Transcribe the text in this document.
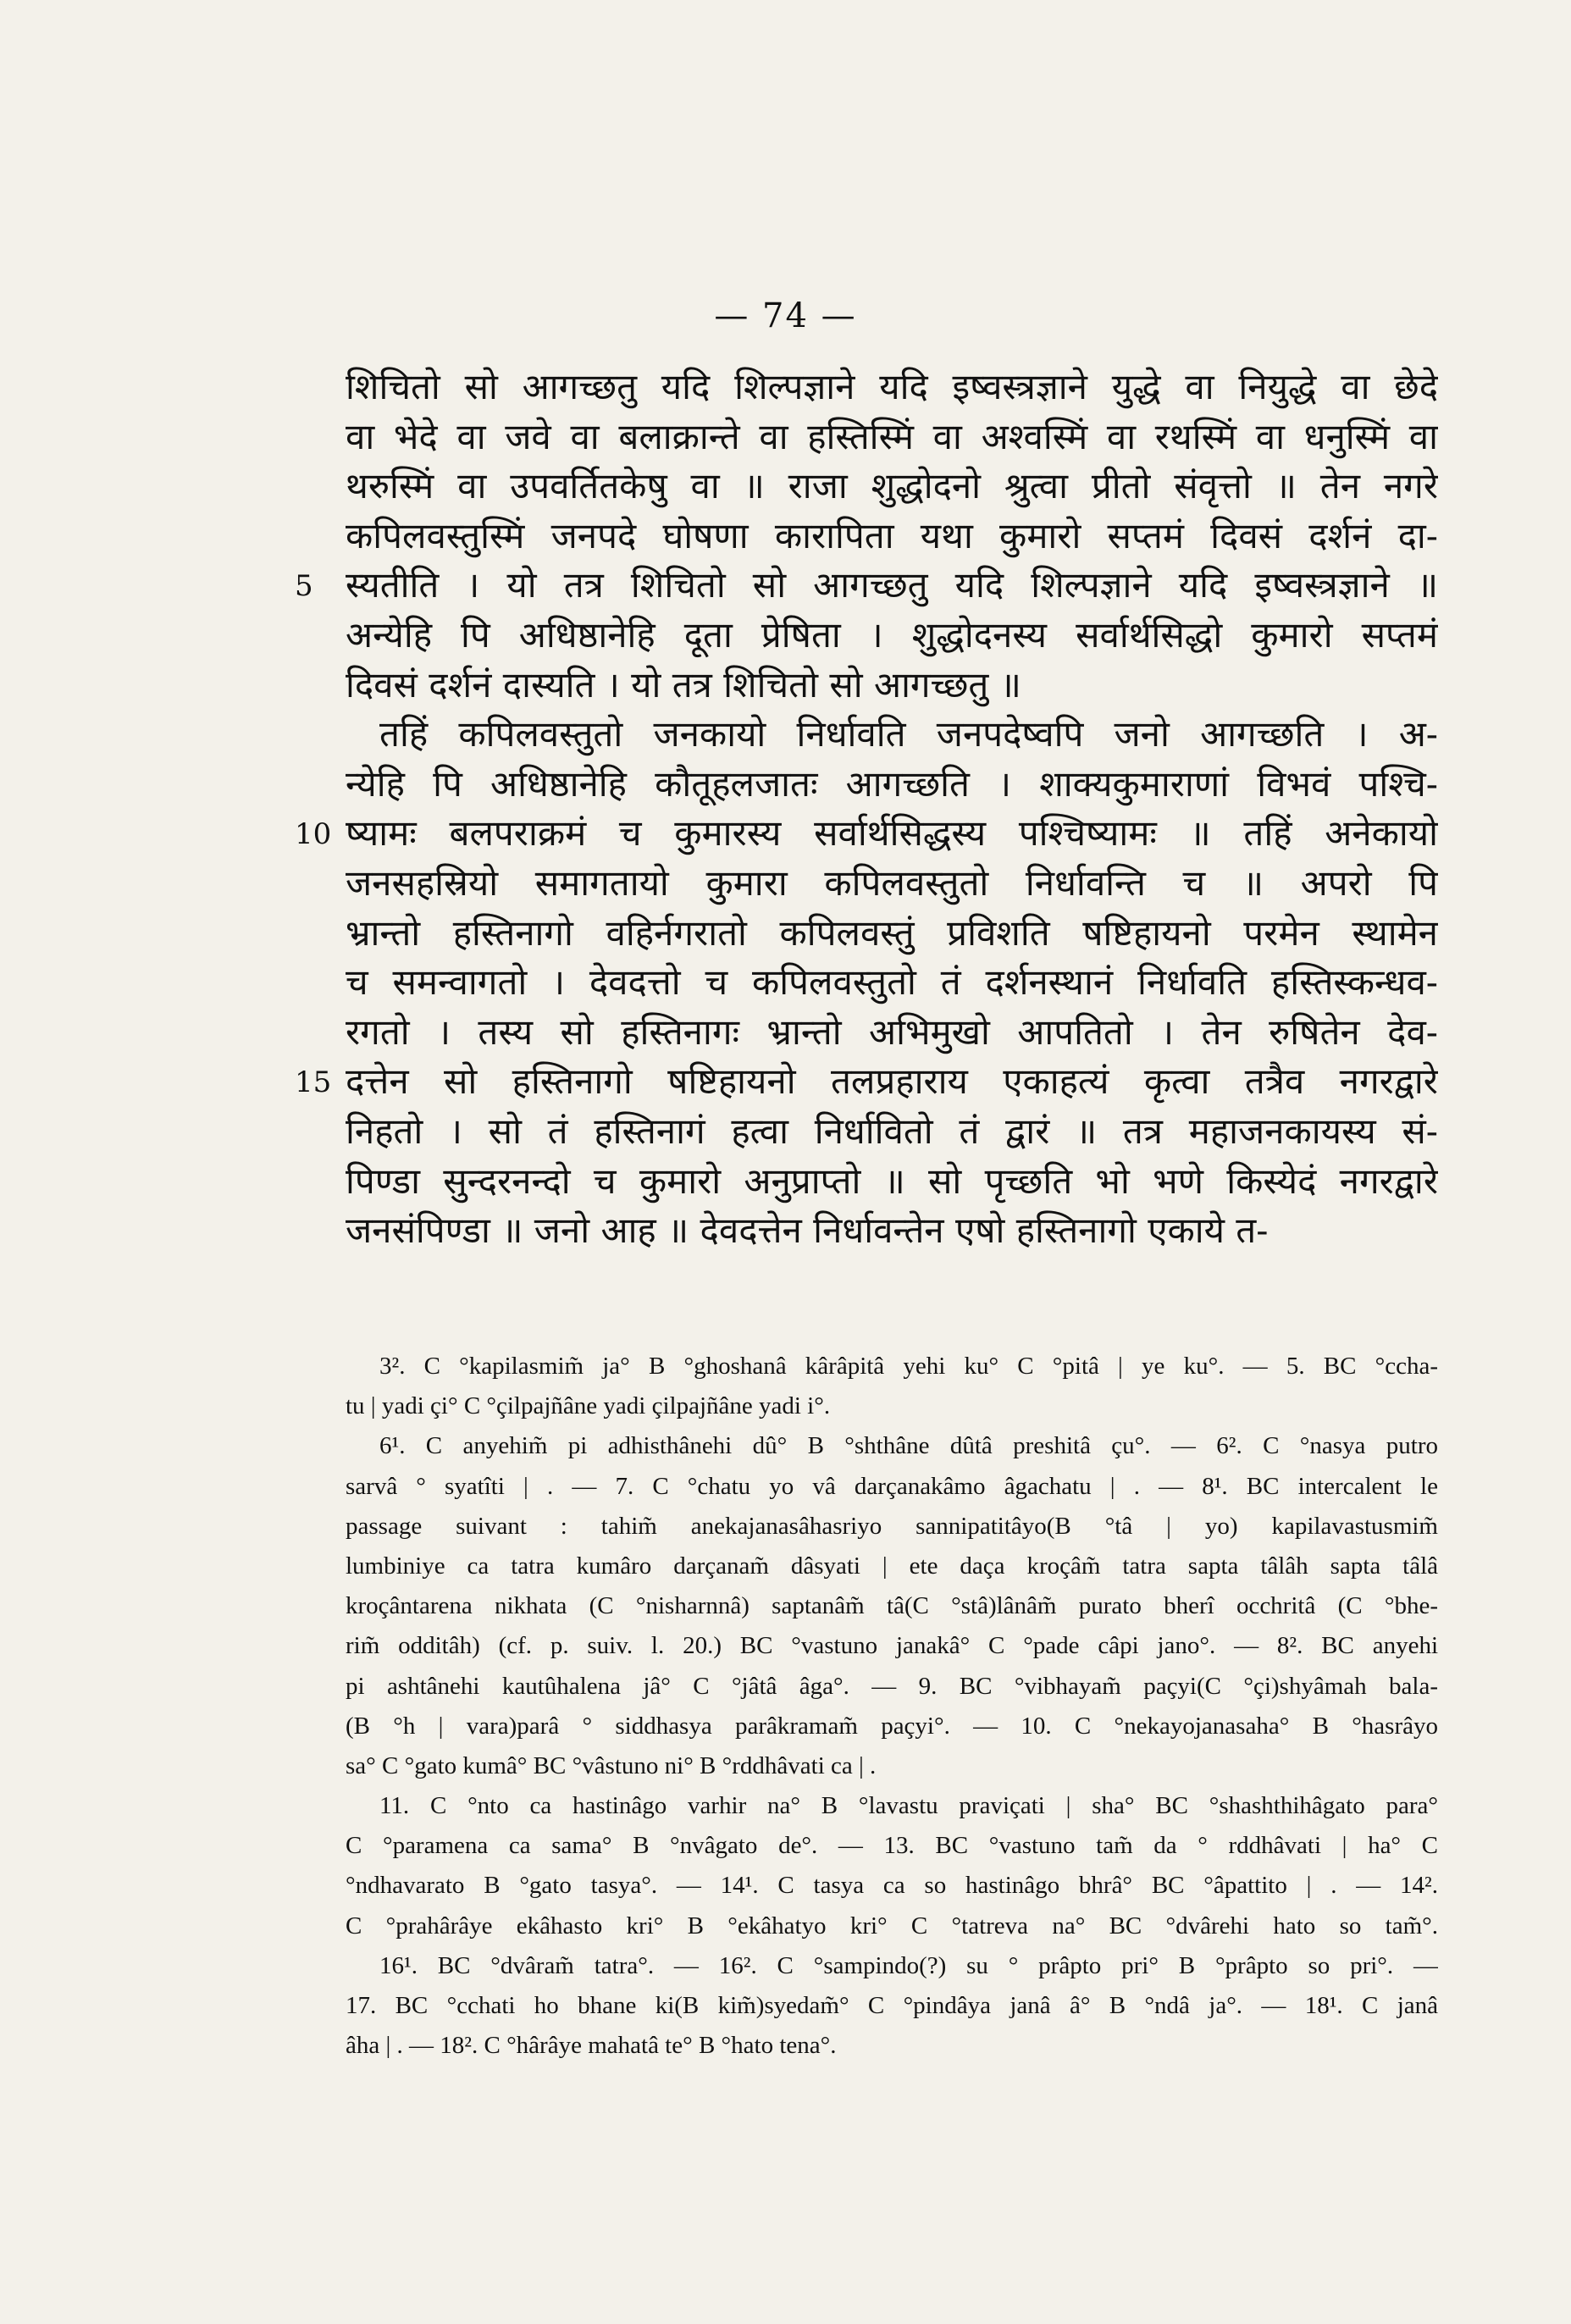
— 74 —
5
10
15
शिचितो सो आगच्छतु यदि शिल्पज्ञाने यदि इष्वस्त्रज्ञाने युद्धे वा नियुद्धे वा छेदे
वा भेदे वा जवे वा बलाक्रान्ते वा हस्तिस्मिं वा अश्वस्मिं वा रथस्मिं वा धनुस्मिं वा
थरुस्मिं वा उपवर्तितकेषु वा ॥ राजा शुद्धोदनो श्रुत्वा प्रीतो संवृत्तो ॥ तेन नगरे
कपिलवस्तुस्मिं जनपदे घोषणा कारापिता यथा कुमारो सप्तमं दिवसं दर्शनं दा-
स्यतीति । यो तत्र शिचितो सो आगच्छतु यदि शिल्पज्ञाने यदि इष्वस्त्रज्ञाने ॥
अन्येहि पि अधिष्ठानेहि दूता प्रेषिता । शुद्धोदनस्य सर्वार्थसिद्धो कुमारो सप्तमं
दिवसं दर्शनं दास्यति । यो तत्र शिचितो सो आगच्छतु ॥
तहिं कपिलवस्तुतो जनकायो निर्धावति जनपदेष्वपि जनो आगच्छति । अ-
न्येहि पि अधिष्ठानेहि कौतूहलजातः आगच्छति । शाक्यकुमाराणां विभवं पश्चि-
ष्यामः बलपराक्रमं च कुमारस्य सर्वार्थसिद्धस्य पश्चिष्यामः ॥ तहिं अनेकायो
जनसहस्रियो समागतायो कुमारा कपिलवस्तुतो निर्धावन्ति च ॥ अपरो पि
भ्रान्तो हस्तिनागो वहिर्नगरातो कपिलवस्तुं प्रविशति षष्टिहायनो परमेन स्थामेन
च समन्वागतो । देवदत्तो च कपिलवस्तुतो तं दर्शनस्थानं निर्धावति हस्तिस्कन्धव-
रगतो । तस्य सो हस्तिनागः भ्रान्तो अभिमुखो आपतितो । तेन रुषितेन देव-
दत्तेन सो हस्तिनागो षष्टिहायनो तलप्रहाराय एकाहत्यं कृत्वा तत्रैव नगरद्वारे
निहतो । सो तं हस्तिनागं हत्वा निर्धावितो तं द्वारं ॥ तत्र महाजनकायस्य सं-
पिण्डा सुन्दरनन्दो च कुमारो अनुप्राप्तो ॥ सो पृच्छति भो भणे किस्येदं नगरद्वारे
जनसंपिण्डा ॥ जनो आह ॥ देवदत्तेन निर्धावन्तेन एषो हस्तिनागो एकाये त-
3². C °kapilasmim̃ ja° B °ghoshanâ kârâpitâ yehi ku° C °pitâ | ye ku°. — 5. BC °ccha-
tu | yadi çi° C °çilpajñâne yadi çilpajñâne yadi i°.
6¹. C anyehim̃ pi adhisthânehi dû° B °shthâne dûtâ preshitâ çu°. — 6². C °nasya putro
sarvâ ° syatîti | . — 7. C °chatu yo vâ darçanakâmo âgachatu | . — 8¹. BC intercalent le
passage suivant : tahim̃ anekajanasâhasriyo sannipatitâyo(B °tâ | yo) kapilavastusmim̃
lumbiniye ca tatra kumâro darçanam̃ dâsyati | ete daça kroçâm̃ tatra sapta tâlâh sapta tâlâ
kroçântarena nikhata (C °nisharnnâ) saptanâm̃ tâ(C °stâ)lânâm̃ purato bherî occhritâ (C °bhe-
rim̃ odditâh) (cf. p. suiv. l. 20.) BC °vastuno janakâ° C °pade câpi jano°. — 8². BC anyehi
pi ashtânehi kautûhalena jâ° C °jâtâ âga°. — 9. BC °vibhayam̃ paçyi(C °çi)shyâmah bala-
(B °h | vara)parâ ° siddhasya parâkramam̃ paçyi°. — 10. C °nekayojanasaha° B °hasrâyo
sa° C °gato kumâ° BC °vâstuno ni° B °rddhâvati ca | .
11. C °nto ca hastinâgo varhir na° B °lavastu praviçati | sha° BC °shashthihâgato para°
C °paramena ca sama° B °nvâgato de°. — 13. BC °vastuno tam̃ da ° rddhâvati | ha° C
°ndhavarato B °gato tasya°. — 14¹. C tasya ca so hastinâgo bhrâ° BC °âpattito | . — 14².
C °prahârâye ekâhasto kri° B °ekâhatyo kri° C °tatreva na° BC °dvârehi hato so tam̃°.
16¹. BC °dvâram̃ tatra°. — 16². C °sampindo(?) su ° prâpto pri° B °prâpto so pri°. —
17. BC °cchati ho bhane ki(B kim̃)syedam̃° C °pindâya janâ â° B °ndâ ja°. — 18¹. C janâ
âha | . — 18². C °hârâye mahatâ te° B °hato tena°.
